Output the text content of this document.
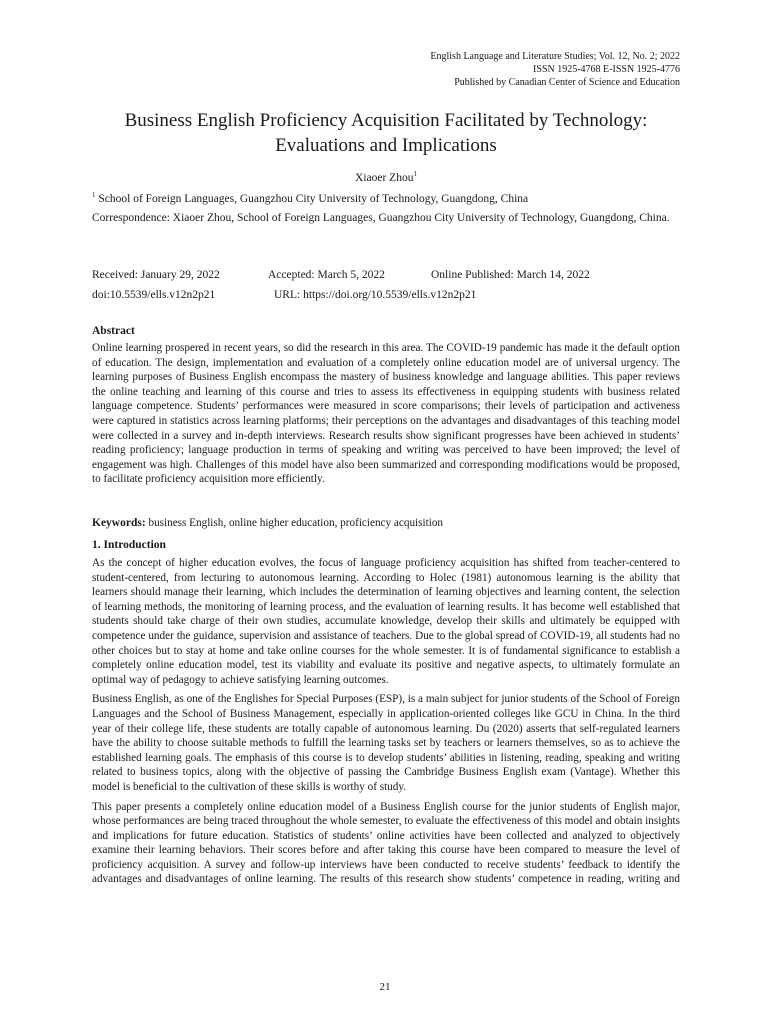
English Language and Literature Studies; Vol. 12, No. 2; 2022
ISSN 1925-4768 E-ISSN 1925-4776
Published by Canadian Center of Science and Education
Business English Proficiency Acquisition Facilitated by Technology:
Evaluations and Implications
Xiaoer Zhou$^1$
$^1$ School of Foreign Languages, Guangzhou City University of Technology, Guangdong, China
Correspondence: Xiaoer Zhou, School of Foreign Languages, Guangzhou City University of Technology, Guangdong, China.
Received: January 29, 2022	Accepted: March 5, 2022	Online Published: March 14, 2022
doi:10.5539/ells.v12n2p21	URL: https://doi.org/10.5539/ells.v12n2p21
Abstract
Online learning prospered in recent years, so did the research in this area. The COVID-19 pandemic has made it the default option of education. The design, implementation and evaluation of a completely online education model are of universal urgency. The learning purposes of Business English encompass the mastery of business knowledge and language abilities. This paper reviews the online teaching and learning of this course and tries to assess its effectiveness in equipping students with business related language competence. Students’ performances were measured in score comparisons; their levels of participation and activeness were captured in statistics across learning platforms; their perceptions on the advantages and disadvantages of this teaching model were collected in a survey and in-depth interviews. Research results show significant progresses have been achieved in students’ reading proficiency; language production in terms of speaking and writing was perceived to have been improved; the level of engagement was high. Challenges of this model have also been summarized and corresponding modifications would be proposed, to facilitate proficiency acquisition more efficiently.
Keywords: business English, online higher education, proficiency acquisition
1. Introduction
As the concept of higher education evolves, the focus of language proficiency acquisition has shifted from teacher-centered to student-centered, from lecturing to autonomous learning. According to Holec (1981) autonomous learning is the ability that learners should manage their learning, which includes the determination of learning objectives and learning content, the selection of learning methods, the monitoring of learning process, and the evaluation of learning results. It has become well established that students should take charge of their own studies, accumulate knowledge, develop their skills and ultimately be equipped with competence under the guidance, supervision and assistance of teachers. Due to the global spread of COVID-19, all students had no other choices but to stay at home and take online courses for the whole semester. It is of fundamental significance to establish a completely online education model, test its viability and evaluate its positive and negative aspects, to ultimately formulate an optimal way of pedagogy to achieve satisfying learning outcomes.
Business English, as one of the Englishes for Special Purposes (ESP), is a main subject for junior students of the School of Foreign Languages and the School of Business Management, especially in application-oriented colleges like GCU in China. In the third year of their college life, these students are totally capable of autonomous learning. Du (2020) asserts that self-regulated learners have the ability to choose suitable methods to fulfill the learning tasks set by teachers or learners themselves, so as to achieve the established learning goals. The emphasis of this course is to develop students’ abilities in listening, reading, speaking and writing related to business topics, along with the objective of passing the Cambridge Business English exam (Vantage). Whether this model is beneficial to the cultivation of these skills is worthy of study.
This paper presents a completely online education model of a Business English course for the junior students of English major, whose performances are being traced throughout the whole semester, to evaluate the effectiveness of this model and obtain insights and implications for future education. Statistics of students’ online activities have been collected and analyzed to objectively examine their learning behaviors. Their scores before and after taking this course have been compared to measure the level of proficiency acquisition. A survey and follow-up interviews have been conducted to receive students’ feedback to identify the advantages and disadvantages of online learning. The results of this research show students’ competence in reading, writing and
21
